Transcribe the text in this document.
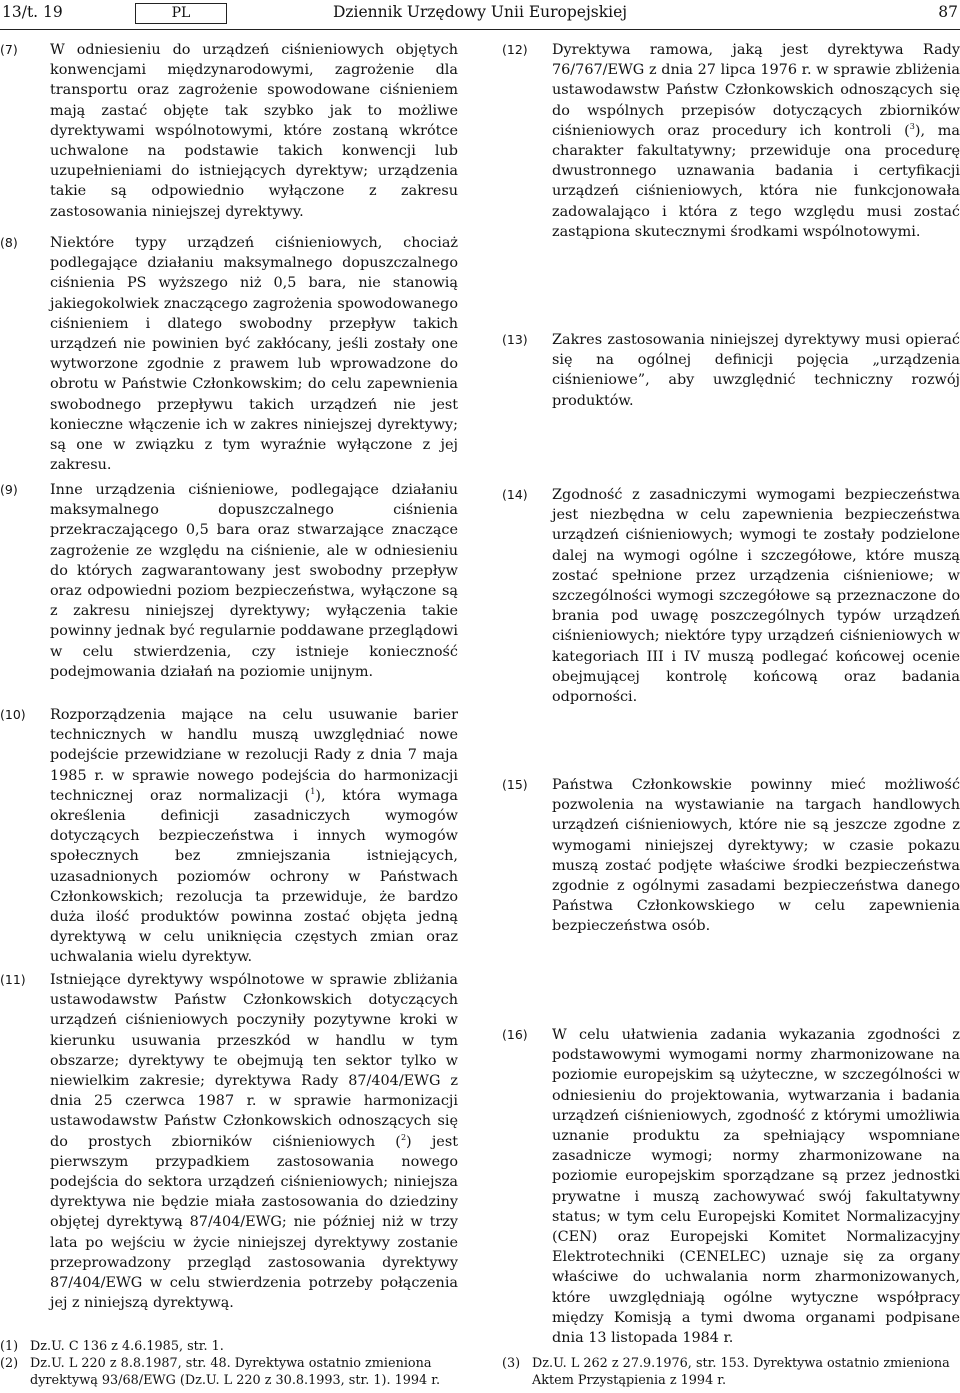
13/t. 19	PL	Dziennik Urzędowy Unii Europejskiej	87

(7) W odniesieniu do urządzeń ciśnieniowych objętych konwencjami międzynarodowymi, zagrożenie dla transportu oraz zagrożenie spowodowane ciśnieniem mają zastać objęte tak szybko jak to możliwe dyrektywami wspólnotowymi, które zostaną wkrótce uchwalone na podstawie takich konwencji lub uzupełnieniami do istniejących dyrektyw; urządzenia takie są odpowiednio wyłączone z zakresu zastosowania niniejszej dyrektywy.

(8) Niektóre typy urządzeń ciśnieniowych, chociaż podlegające działaniu maksymalnego dopuszczalnego ciśnienia PS wyższego niż 0,5 bara, nie stanowią jakiegokolwiek znaczącego zagrożenia spowodowanego ciśnieniem i dlatego swobodny przepływ takich urządzeń nie powinien być zakłócany, jeśli zostały one wytworzone zgodnie z prawem lub wprowadzone do obrotu w Państwie Członkowskim; do celu zapewnienia swobodnego przepływu takich urządzeń nie jest konieczne włączenie ich w zakres niniejszej dyrektywy; są one w związku z tym wyraźnie wyłączone z jej zakresu.

(9) Inne urządzenia ciśnieniowe, podlegające działaniu maksymalnego dopuszczalnego ciśnienia przekraczającego 0,5 bara oraz stwarzające znaczące zagrożenie ze względu na ciśnienie, ale w odniesieniu do których zagwarantowany jest swobodny przepływ oraz odpowiedni poziom bezpieczeństwa, wyłączone są z zakresu niniejszej dyrektywy; wyłączenia takie powinny jednak być regularnie poddawane przeglądowi w celu stwierdzenia, czy istnieje konieczność podejmowania działań na poziomie unijnym.

(10) Rozporządzenia mające na celu usuwanie barier technicznych w handlu muszą uwzględniać nowe podejście przewidziane w rezolucji Rady z dnia 7 maja 1985 r. w sprawie nowego podejścia do harmonizacji technicznej oraz normalizacji ($^1$), która wymaga określenia definicji zasadniczych wymogów dotyczących bezpieczeństwa i innych wymogów społecznych bez zmniejszania istniejących, uzasadnionych poziomów ochrony w Państwach Członkowskich; rezolucja ta przewiduje, że bardzo duża ilość produktów powinna zostać objęta jedną dyrektywą w celu uniknięcia częstych zmian oraz uchwalania wielu dyrektyw.

(11) Istniejące dyrektywy wspólnotowe w sprawie zbliżania ustawodawstw Państw Członkowskich dotyczących urządzeń ciśnieniowych poczyniły pozytywne kroki w kierunku usuwania przeszkód w handlu w tym obszarze; dyrektywy te obejmują ten sektor tylko w niewielkim zakresie; dyrektywa Rady 87/404/EWG z dnia 25 czerwca 1987 r. w sprawie harmonizacji ustawodawstw Państw Członkowskich odnoszących się do prostych zbiorników ciśnieniowych ($^2$) jest pierwszym przypadkiem zastosowania nowego podejścia do sektora urządzeń ciśnieniowych; niniejsza dyrektywa nie będzie miała zastosowania do dziedziny objętej dyrektywą 87/404/EWG; nie później niż w trzy lata po wejściu w życie niniejszej dyrektywy zostanie przeprowadzony przegląd zastosowania dyrektywy 87/404/EWG w celu stwierdzenia potrzeby połączenia jej z niniejszą dyrektywą.

(12) Dyrektywa ramowa, jaką jest dyrektywa Rady 76/767/EWG z dnia 27 lipca 1976 r. w sprawie zbliżenia ustawodawstw Państw Członkowskich odnoszących się do wspólnych przepisów dotyczących zbiorników ciśnieniowych oraz procedury ich kontroli ($^3$), ma charakter fakultatywny; przewiduje ona procedurę dwustronnego uznawania badania i certyfikacji urządzeń ciśnieniowych, która nie funkcjonowała zadowalająco i która z tego względu musi zostać zastąpiona skutecznymi środkami wspólnotowymi.

(13) Zakres zastosowania niniejszej dyrektywy musi opierać się na ogólnej definicji pojęcia „urządzenia ciśnieniowe”, aby uwzględnić techniczny rozwój produktów.

(14) Zgodność z zasadniczymi wymogami bezpieczeństwa jest niezbędna w celu zapewnienia bezpieczeństwa urządzeń ciśnieniowych; wymogi te zostały podzielone dalej na wymogi ogólne i szczegółowe, które muszą zostać spełnione przez urządzenia ciśnieniowe; w szczególności wymogi szczegółowe są przeznaczone do brania pod uwagę poszczególnych typów urządzeń ciśnieniowych; niektóre typy urządzeń ciśnieniowych w kategoriach III i IV muszą podlegać końcowej ocenie obejmującej kontrolę końcową oraz badania odporności.

(15) Państwa Członkowskie powinny mieć możliwość pozwolenia na wystawianie na targach handlowych urządzeń ciśnieniowych, które nie są jeszcze zgodne z wymogami niniejszej dyrektywy; w czasie pokazu muszą zostać podjęte właściwe środki bezpieczeństwa zgodnie z ogólnymi zasadami bezpieczeństwa danego Państwa Członkowskiego w celu zapewnienia bezpieczeństwa osób.

(16) W celu ułatwienia zadania wykazania zgodności z podstawowymi wymogami normy zharmonizowane na poziomie europejskim są użyteczne, w szczególności w odniesieniu do projektowania, wytwarzania i badania urządzeń ciśnieniowych, zgodność z którymi umożliwia uznanie produktu za spełniający wspomniane zasadnicze wymogi; normy zharmonizowane na poziomie europejskim sporządzane są przez jednostki prywatne i muszą zachowywać swój fakultatywny status; w tym celu Europejski Komitet Normalizacyjny (CEN) oraz Europejski Komitet Normalizacyjny Elektrotechniki (CENELEC) uznaje się za organy właściwe do uchwalania norm zharmonizowanych, które uwzględniają ogólne wytyczne współpracy między Komisją a tymi dwoma organami podpisane dnia 13 listopada 1984 r.

(1) Dz.U. C 136 z 4.6.1985, str. 1.
(2) Dz.U. L 220 z 8.8.1987, str. 48. Dyrektywa ostatnio zmieniona dyrektywą 93/68/EWG (Dz.U. L 220 z 30.8.1993, str. 1). 1994 r.
(3) Dz.U. L 262 z 27.9.1976, str. 153. Dyrektywa ostatnio zmieniona Aktem Przystąpienia z 1994 r.
